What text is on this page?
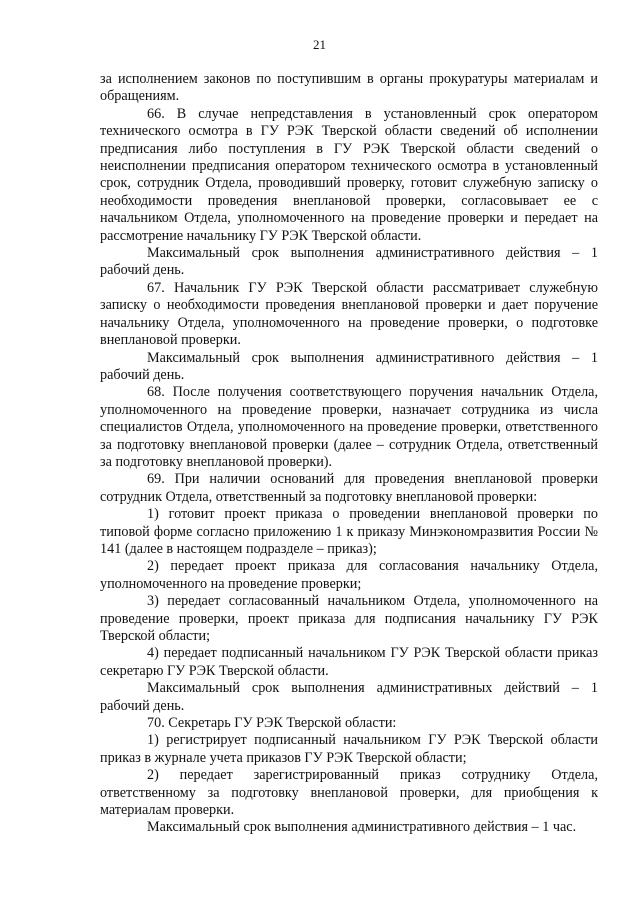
21

за исполнением законов по поступившим в органы прокуратуры материалам и обращениям.

66. В случае непредставления в установленный срок оператором технического осмотра в ГУ РЭК Тверской области сведений об исполнении предписания либо поступления в ГУ РЭК Тверской области сведений о неисполнении предписания оператором технического осмотра в установленный срок, сотрудник Отдела, проводивший проверку, готовит служебную записку о необходимости проведения внеплановой проверки, согласовывает ее с начальником Отдела, уполномоченного на проведение проверки и передает на рассмотрение начальнику ГУ РЭК Тверской области.

Максимальный срок выполнения административного действия – 1 рабочий день.

67. Начальник ГУ РЭК Тверской области рассматривает служебную записку о необходимости проведения внеплановой проверки и дает поручение начальнику Отдела, уполномоченного на проведение проверки, о подготовке внеплановой проверки.

Максимальный срок выполнения административного действия – 1 рабочий день.

68. После получения соответствующего поручения начальник Отдела, уполномоченного на проведение проверки, назначает сотрудника из числа специалистов Отдела, уполномоченного на проведение проверки, ответственного за подготовку внеплановой проверки (далее – сотрудник Отдела, ответственный за подготовку внеплановой проверки).

69. При наличии оснований для проведения внеплановой проверки сотрудник Отдела, ответственный за подготовку внеплановой проверки:

1) готовит проект приказа о проведении внеплановой проверки по типовой форме согласно приложению 1 к приказу Минэкономразвития России № 141 (далее в настоящем подразделе – приказ);

2) передает проект приказа для согласования начальнику Отдела, уполномоченного на проведение проверки;

3) передает согласованный начальником Отдела, уполномоченного на проведение проверки, проект приказа для подписания начальнику ГУ РЭК Тверской области;

4) передает подписанный начальником ГУ РЭК Тверской области приказ секретарю ГУ РЭК Тверской области.

Максимальный срок выполнения административных действий – 1 рабочий день.

70. Секретарь ГУ РЭК Тверской области:

1) регистрирует подписанный начальником ГУ РЭК Тверской области приказ в журнале учета приказов ГУ РЭК Тверской области;

2) передает зарегистрированный приказ сотруднику Отдела, ответственному за подготовку внеплановой проверки, для приобщения к материалам проверки.

Максимальный срок выполнения административного действия – 1 час.
